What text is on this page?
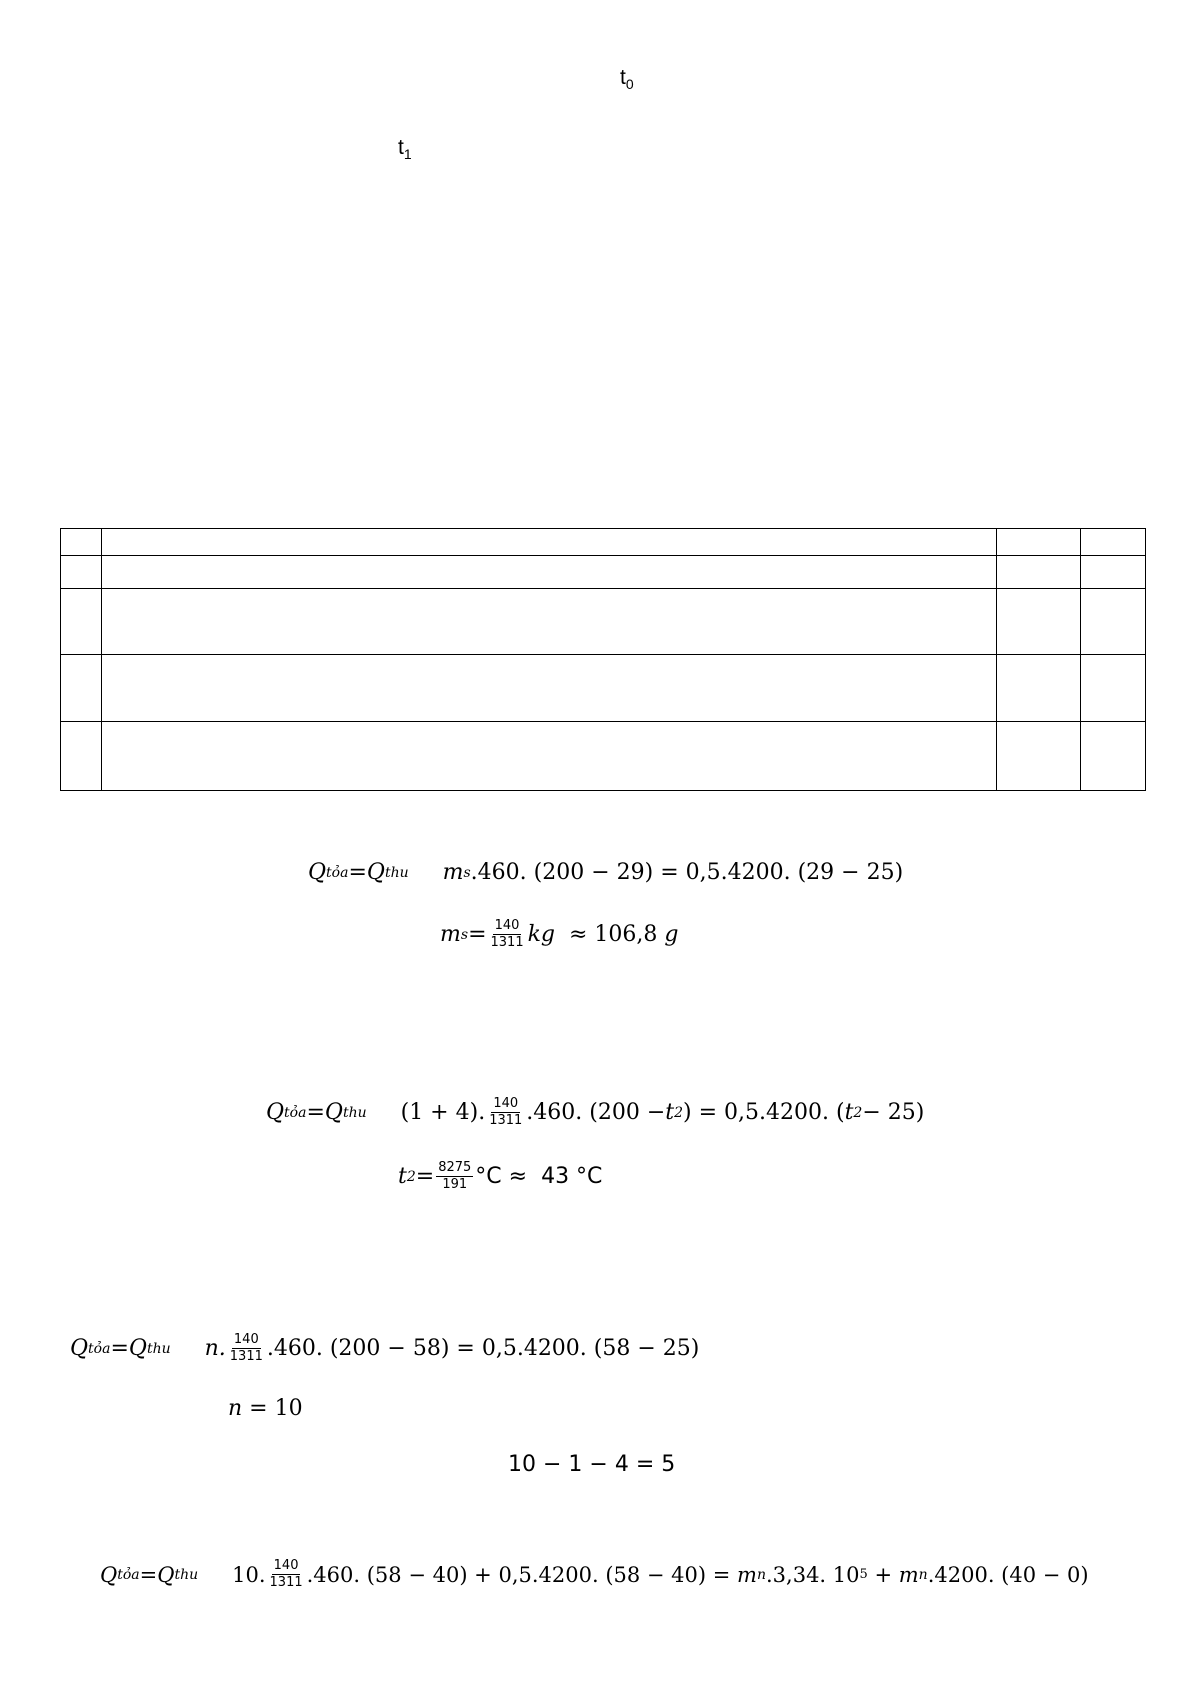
$t_0$
$t_1$

Q tỏa = Q thu m s .460. (200 − 29) = 0,5.4200. (29 − 25)
m $s = \frac{140}{1311}$ kg ≈ 106,8 g
Q tỏa = Q thu (1 + 4). $\frac{140}{1311} .460$. (200 − t 2 ) = 0,5.4200. ( t 2 − 25)
t $2 = \frac{8275}{191} ^\circ C \approx 43$ °C
Q tỏa = Q thu n. $\frac{140}{1311} .460$. (200 − 58) = 0,5.4200. (58 − 25)
n = 10
10 − 1 − 4 = 5
Q tỏa = Q thu 10. $\frac{140}{1311} .460$. (58 − 40) + 0,5.4200. (58 − 40) = m n .3,34. 10 5 + m n .4200. (40 − 0)
